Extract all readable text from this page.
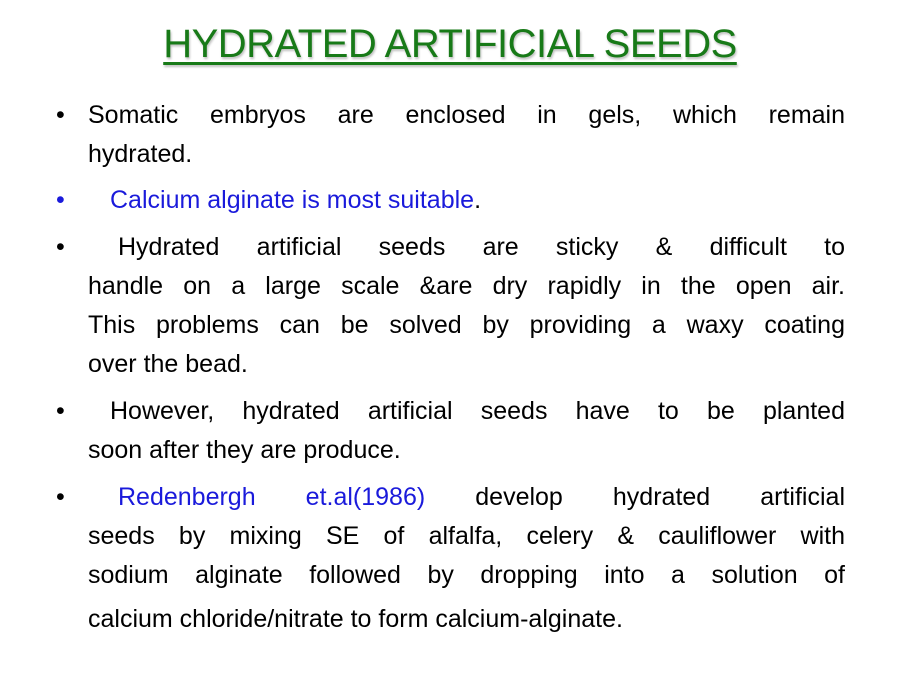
HYDRATED ARTIFICIAL SEEDS
• Somatic embryos are enclosed in gels, which remain
hydrated.
• Calcium alginate is most suitable.
• Hydrated artificial seeds are sticky & difficult to
handle on a large scale &are dry rapidly in the open air.
This problems can be solved by providing a waxy coating
over the bead.
• However, hydrated artificial seeds have to be planted
soon after they are produce.
• Redenbergh et.al(1986) develop hydrated artificial
seeds by mixing SE of alfalfa, celery & cauliflower with
sodium alginate followed by dropping into a solution of
calcium chloride/nitrate to form calcium-alginate.
